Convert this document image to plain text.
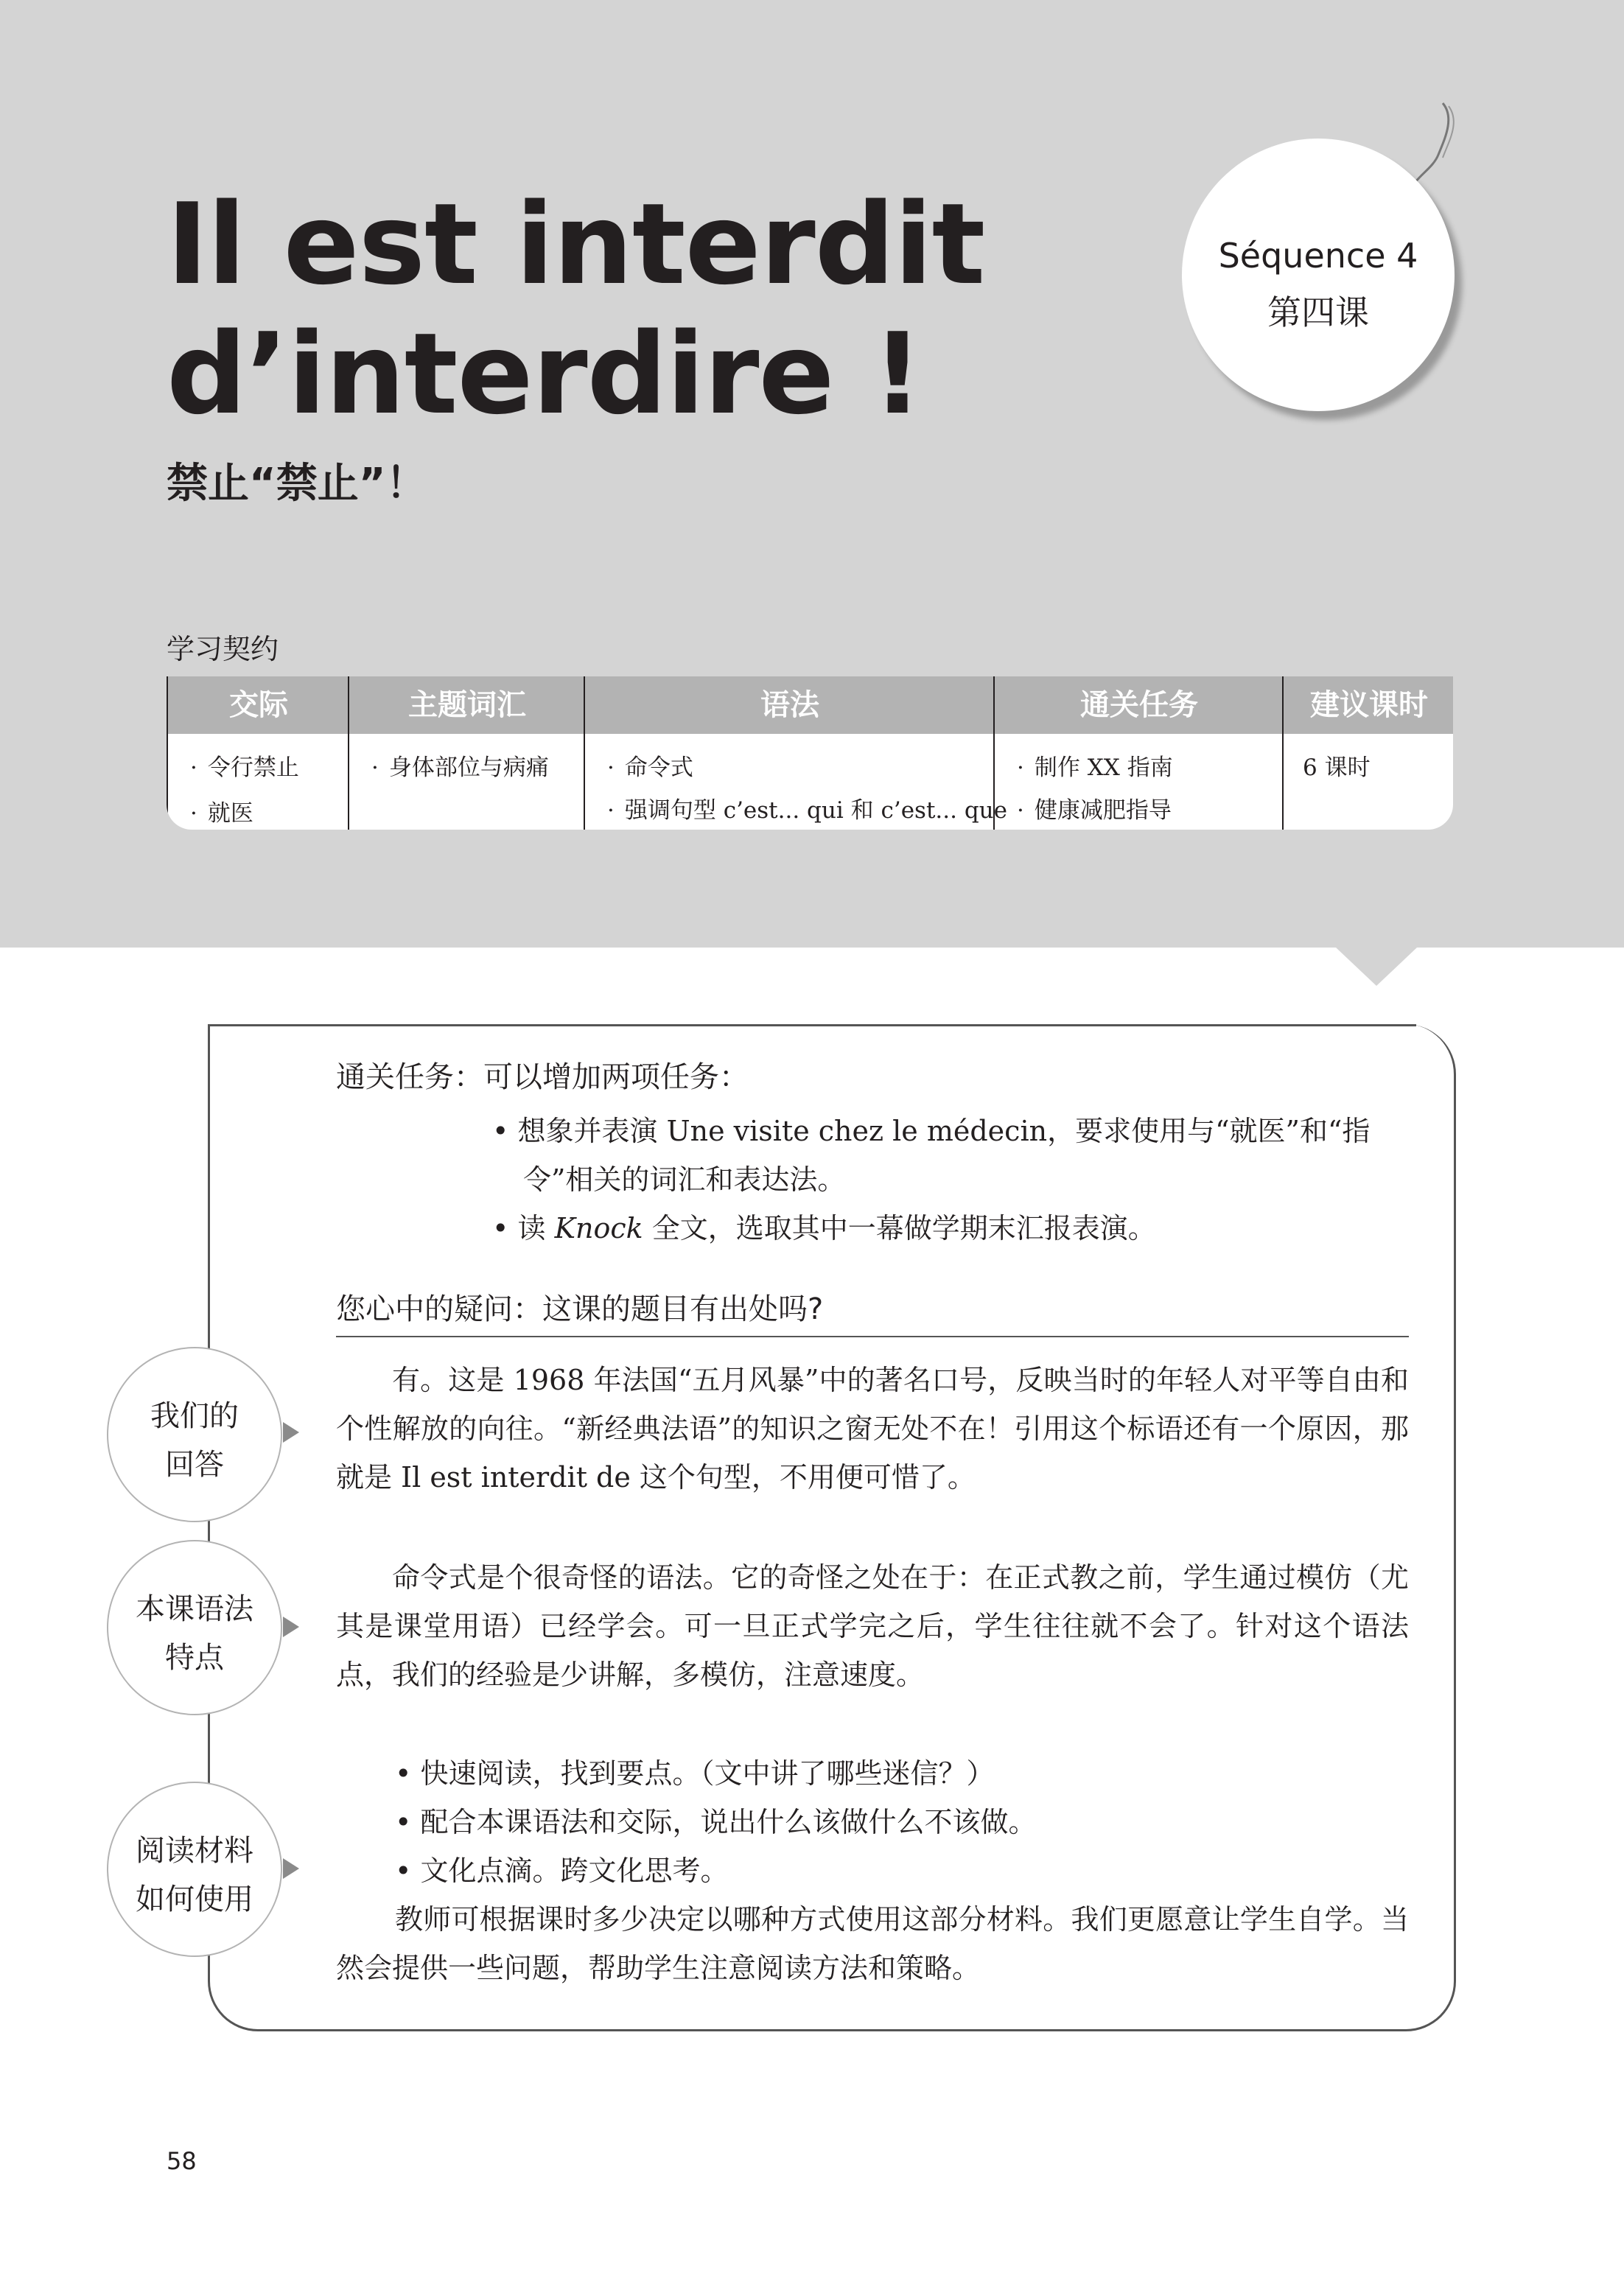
Il est interdit
d’interdire !
禁止“禁止”！
Séquence 4
第四课
学习契约
交际
· 令行禁止
· 就医
主题词汇
· 身体部位与病痛
语法
· 命令式
· 强调句型 c’est... qui 和 c’est... que
通关任务
· 制作 XX 指南
· 健康减肥指导
建议课时
6 课时
通关任务：可以增加两项任务：
• 想象并表演 Une visite chez le médecin，要求使用与“就医”和“指
令”相关的词汇和表达法。
• 读 Knock 全文，选取其中一幕做学期末汇报表演。
您心中的疑问：这课的题目有出处吗?
有。这是 1968 年法国“五月风暴”中的著名口号，反映当时的年轻人对平等自由和个性解放的向往。“新经典法语”的知识之窗无处不在！引用这个标语还有一个原因，那就是 Il est interdit de 这个句型，不用便可惜了。
命令式是个很奇怪的语法。它的奇怪之处在于：在正式教之前，学生通过模仿（尤其是课堂用语）已经学会。可一旦正式学完之后，学生往往就不会了。针对这个语法点，我们的经验是少讲解，多模仿，注意速度。
• 快速阅读，找到要点。（文中讲了哪些迷信？）
• 配合本课语法和交际，说出什么该做什么不该做。
• 文化点滴。跨文化思考。
教师可根据课时多少决定以哪种方式使用这部分材料。我们更愿意让学生自学。当然会提供一些问题，帮助学生注意阅读方法和策略。
我们的
回答
本课语法
特点
阅读材料
如何使用
58
